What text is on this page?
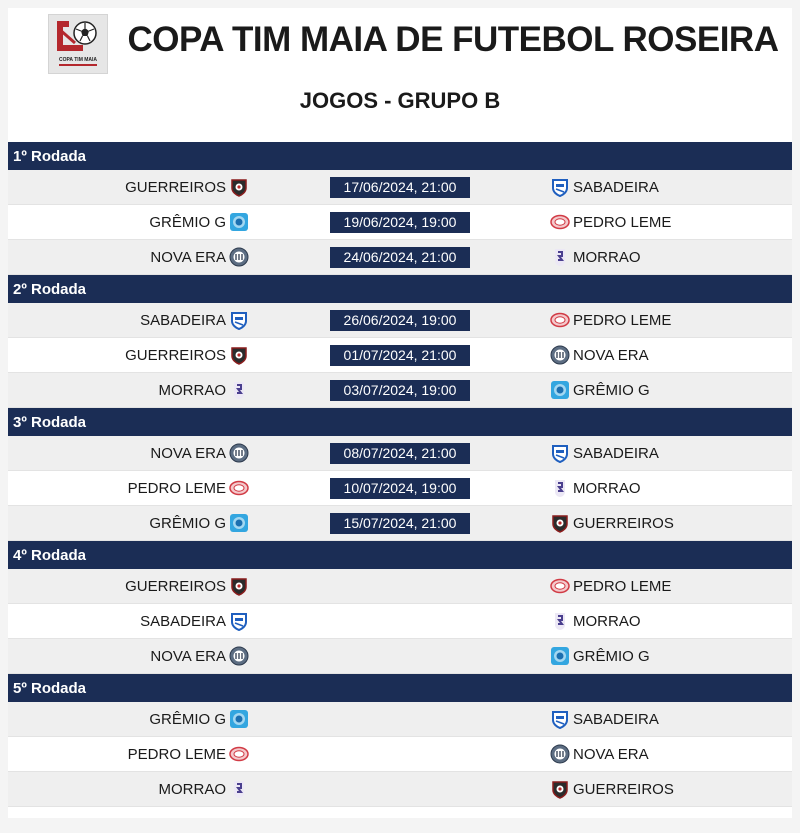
COPA TIM MAIA
COPA TIM MAIA DE FUTEBOL ROSEIRA
JOGOS - GRUPO B
1º Rodada
GUERREIROS	17/06/2024, 21:00	SABADEIRA
GRÊMIO G	19/06/2024, 19:00	PEDRO LEME
NOVA ERA	24/06/2024, 21:00	MORRAO
2º Rodada
SABADEIRA	26/06/2024, 19:00	PEDRO LEME
GUERREIROS	01/07/2024, 21:00	NOVA ERA
MORRAO	03/07/2024, 19:00	GRÊMIO G
3º Rodada
NOVA ERA	08/07/2024, 21:00	SABADEIRA
PEDRO LEME	10/07/2024, 19:00	MORRAO
GRÊMIO G	15/07/2024, 21:00	GUERREIROS
4º Rodada
GUERREIROS	PEDRO LEME
SABADEIRA	MORRAO
NOVA ERA	GRÊMIO G
5º Rodada
GRÊMIO G	SABADEIRA
PEDRO LEME	NOVA ERA
MORRAO	GUERREIROS
